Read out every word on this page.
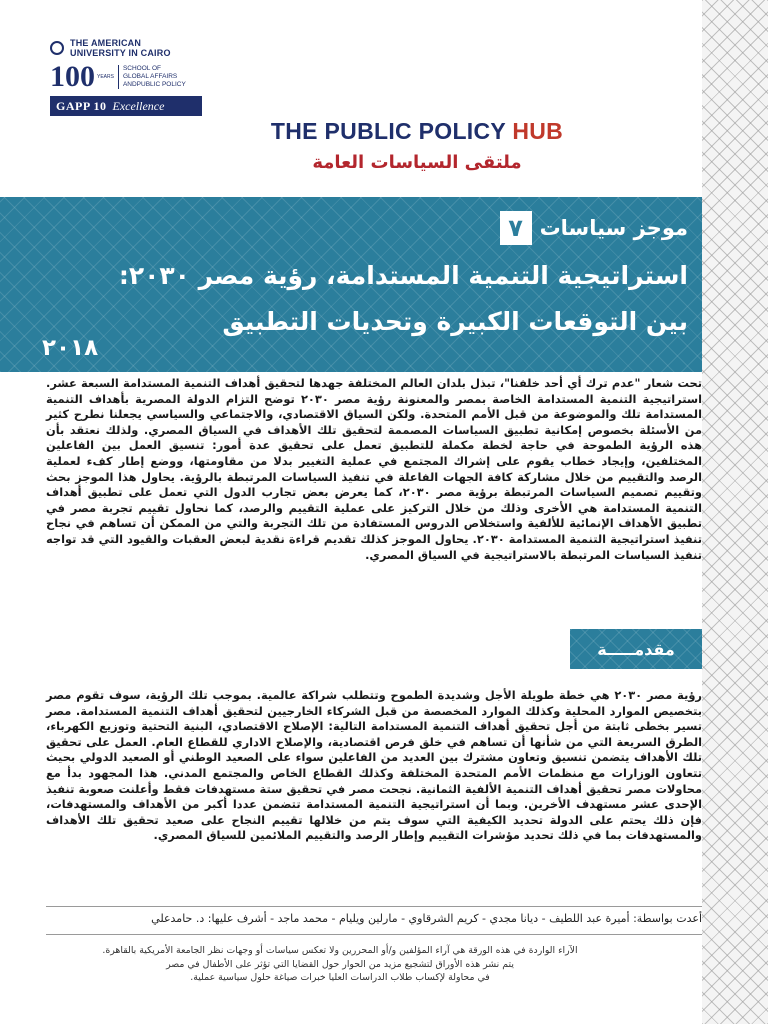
THE AMERICAN
UNIVERSITY IN CAIRO
100 YEARS
SCHOOL OF
GLOBAL AFFAIRS
ANDPUBLIC POLICY
GAPP 10 Excellence
THE PUBLIC POLICY HUB
ملتقى السياسات العامة
موجز سياسات
٧
استراتيجية التنمية المستدامة، رؤية مصر ٢٠٣٠:
بين التوقعات الكبيرة وتحديات التطبيق
٢٠١٨
تحت شعار "عدم ترك أي أحد خلفنا"، تبذل بلدان العالم المختلفة جهدها لتحقيق أهداف التنمية المستدامة السبعة عشر. استراتيجية التنمية المستدامة الخاصة بمصر والمعنونة رؤية مصر ٢٠٣٠ توضح التزام الدولة المصرية بأهداف التنمية المستدامة تلك والموضوعة من قبل الأمم المتحدة. ولكن السياق الاقتصادي، والاجتماعي والسياسي يجعلنا نطرح كثير من الأسئلة بخصوص إمكانية تطبيق السياسات المصممة لتحقيق تلك الأهداف في السياق المصري. ولذلك نعتقد بأن هذه الرؤية الطموحة في حاجة لخطة مكملة للتطبيق تعمل على تحقيق عدة أمور: تنسيق العمل بين الفاعلين المختلفين، وإيجاد خطاب يقوم على إشراك المجتمع في عملية التغيير بدلا من مقاومتها، ووضع إطار كفء لعملية الرصد والتقييم من خلال مشاركة كافة الجهات الفاعلة في تنفيذ السياسات المرتبطة بالرؤية. يحاول هذا الموجز بحث وتقييم تصميم السياسات المرتبطة برؤية مصر ٢٠٣٠، كما يعرض بعض تجارب الدول التي تعمل على تطبيق أهداف التنمية المستدامة هي الأخرى وذلك من خلال التركيز على عملية التقييم والرصد، كما نحاول تقييم تجربة مصر في تطبيق الأهداف الإنمائية للألفية واستخلاص الدروس المستفادة من تلك التجربة والتي من الممكن أن تساهم في نجاح تنفيذ استراتيجية التنمية المستدامة ٢٠٣٠. يحاول الموجز كذلك تقديم قراءة نقدية لبعض العقبات والقيود التي قد تواجه تنفيذ السياسات المرتبطة بالاستراتيجية في السياق المصري.
مقدمـــــة
رؤية مصر ٢٠٣٠ هي خطة طويلة الأجل وشديدة الطموح وتتطلب شراكة عالمية. بموجب تلك الرؤية، سوف تقوم مصر بتخصيص الموارد المحلية وكذلك الموارد المخصصة من قبل الشركاء الخارجيين لتحقيق أهداف التنمية المستدامة. مصر تسير بخطى ثابتة من أجل تحقيق أهداف التنمية المستدامة التالية: الإصلاح الاقتصادي، البنية التحتية وتوزيع الكهرباء، الطرق السريعة التي من شأنها أن تساهم في خلق فرص اقتصادية، والإصلاح الاداري للقطاع العام. العمل على تحقيق تلك الأهداف يتضمن تنسيق وتعاون مشترك بين العديد من الفاعلين سواء على الصعيد الوطني أو الصعيد الدولي بحيث تتعاون الوزارات مع منظمات الأمم المتحدة المختلفة وكذلك القطاع الخاص والمجتمع المدني. هذا المجهود بدأ مع محاولات مصر تحقيق أهداف التنمية الألفية الثمانية. نجحت مصر في تحقيق ستة مستهدفات فقط وأعلنت صعوبة تنفيذ الإحدى عشر مستهدف الأخرين. وبما أن استراتيجية التنمية المستدامة تتضمن عددا أكبر من الأهداف والمستهدفات، فإن ذلك يحتم على الدولة تحديد الكيفية التي سوف يتم من خلالها تقييم النجاح على صعيد تحقيق تلك الأهداف والمستهدفات بما في ذلك تحديد مؤشرات التقييم وإطار الرصد والتقييم الملائمين للسياق المصري.
أعدت بواسطة: أميرة عبد اللطيف - ديانا مجدي - كريم الشرقاوي - مارلين ويليام - محمد ماجد - أشرف عليها: د. حامدعلي
الآراء الواردة في هذه الورقة هي آراء المؤلفين و/أو المحررين ولا تعكس سياسات أو وجهات نظر الجامعة الأمريكية بالقاهرة.
يتم نشر هذه الأوراق لتشجيع مزيد من الحوار حول القضايا التي تؤثر على الأطفال في مصر
في محاولة لإكساب طلاب الدراسات العليا خبرات صياغة حلول سياسية عملية.
